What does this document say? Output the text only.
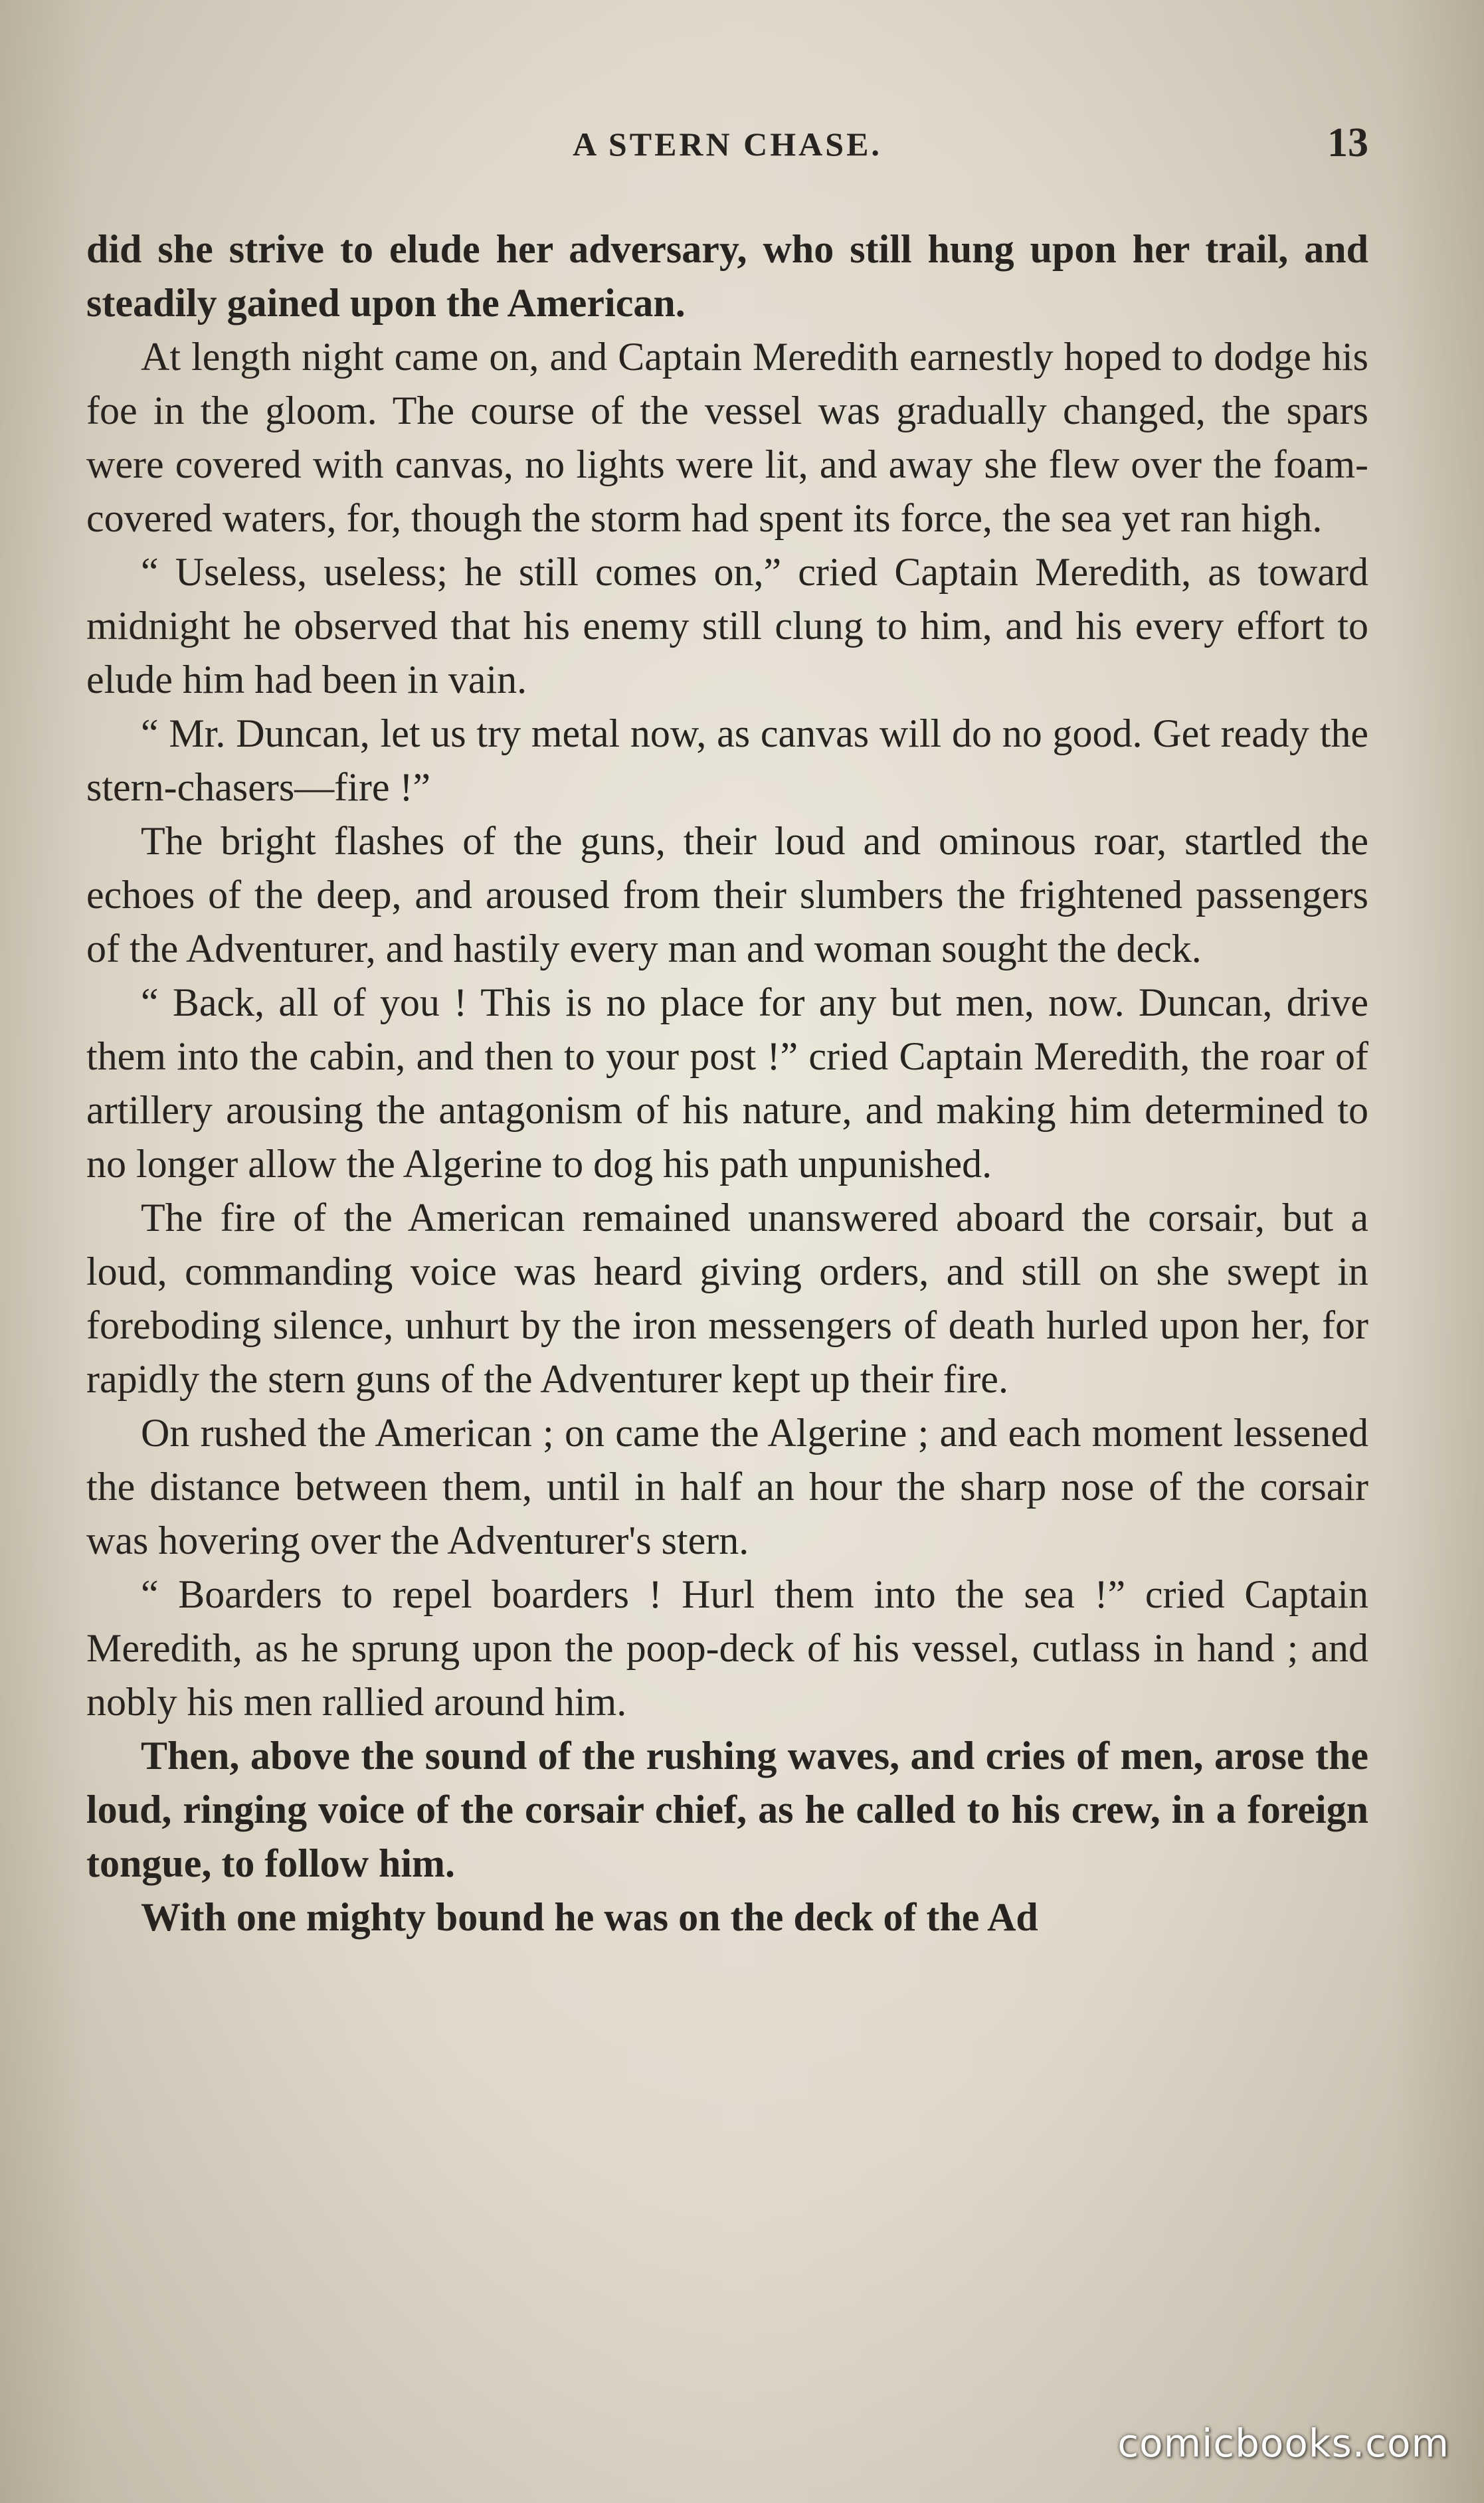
A STERN CHASE.	13

did she strive to elude her adversary, who still hung upon her trail, and steadily gained upon the American.

At length night came on, and Captain Meredith earnestly hoped to dodge his foe in the gloom. The course of the vessel was gradually changed, the spars were covered with canvas, no lights were lit, and away she flew over the foam-covered waters, for, though the storm had spent its force, the sea yet ran high.

“ Useless, useless; he still comes on,” cried Captain Meredith, as toward midnight he observed that his enemy still clung to him, and his every effort to elude him had been in vain.

“ Mr. Duncan, let us try metal now, as canvas will do no good. Get ready the stern-chasers—fire !”

The bright flashes of the guns, their loud and ominous roar, startled the echoes of the deep, and aroused from their slumbers the frightened passengers of the Adventurer, and hastily every man and woman sought the deck.

“ Back, all of you ! This is no place for any but men, now. Duncan, drive them into the cabin, and then to your post !” cried Captain Meredith, the roar of artillery arousing the antagonism of his nature, and making him determined to no longer allow the Algerine to dog his path unpunished.

The fire of the American remained unanswered aboard the corsair, but a loud, commanding voice was heard giving orders, and still on she swept in foreboding silence, unhurt by the iron messengers of death hurled upon her, for rapidly the stern guns of the Adventurer kept up their fire.

On rushed the American ; on came the Algerine ; and each moment lessened the distance between them, until in half an hour the sharp nose of the corsair was hovering over the Adventurer's stern.

“ Boarders to repel boarders ! Hurl them into the sea !” cried Captain Meredith, as he sprung upon the poop-deck of his vessel, cutlass in hand ; and nobly his men rallied around him.

Then, above the sound of the rushing waves, and cries of men, arose the loud, ringing voice of the corsair chief, as he called to his crew, in a foreign tongue, to follow him.

With one mighty bound he was on the deck of the Ad

comicbooks.com
